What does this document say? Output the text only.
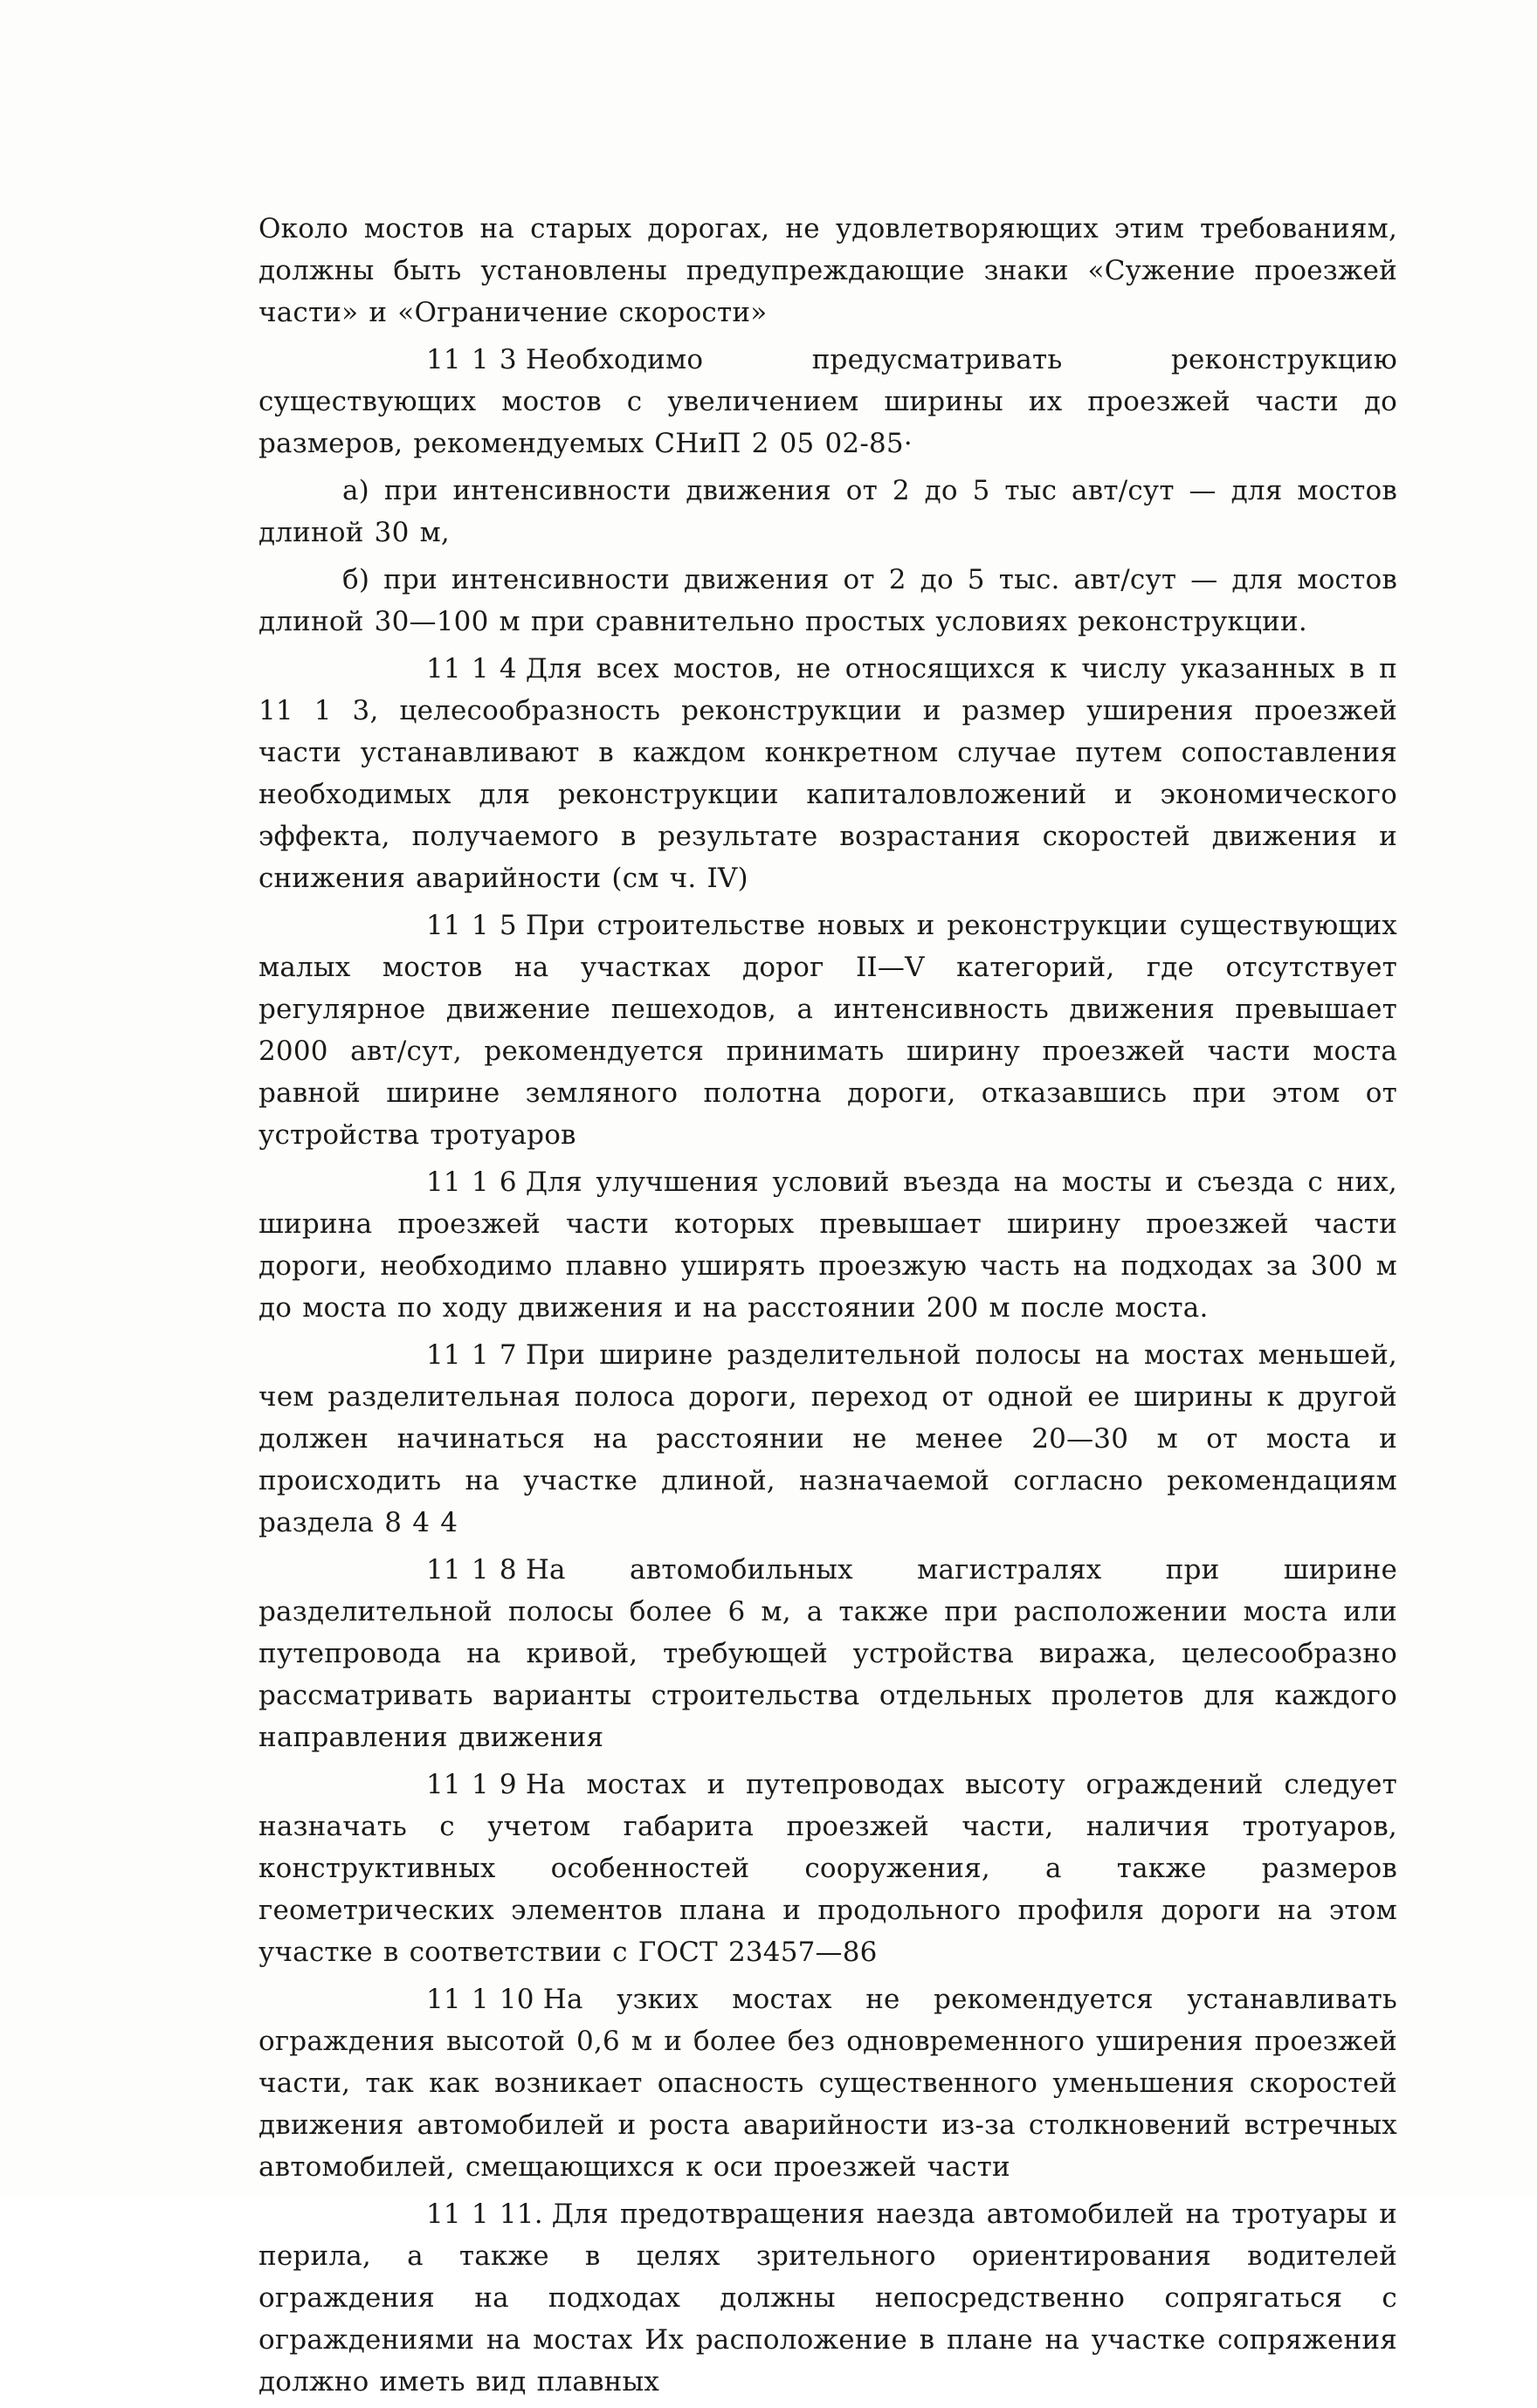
Около мостов на старых дорогах, не удовлетворяющих этим требованиям, должны быть установлены предупреждающие знаки «Сужение проезжей части» и «Ограничение скорости»

11 1 3 Необходимо предусматривать реконструкцию существующих мостов с увеличением ширины их проезжей части до размеров, рекомендуемых СНиП 2 05 02-85·

а) при интенсивности движения от 2 до 5 тыс авт/сут — для мостов длиной 30 м,

б) при интенсивности движения от 2 до 5 тыс. авт/сут — для мостов длиной 30—100 м при сравнительно простых условиях реконструкции.

11 1 4 Для всех мостов, не относящихся к числу указанных в п 11 1 3, целесообразность реконструкции и размер уширения проезжей части устанавливают в каждом конкретном случае путем сопоставления необходимых для реконструкции капиталовложений и экономического эффекта, получаемого в результате возрастания скоростей движения и снижения аварийности (см ч. IV)

11 1 5 При строительстве новых и реконструкции существующих малых мостов на участках дорог II—V категорий, где отсутствует регулярное движение пешеходов, а интенсивность движения превышает 2000 авт/сут, рекомендуется принимать ширину проезжей части моста равной ширине земляного полотна дороги, отказавшись при этом от устройства тротуаров

11 1 6 Для улучшения условий въезда на мосты и съезда с них, ширина проезжей части которых превышает ширину проезжей части дороги, необходимо плавно уширять проезжую часть на подходах за 300 м до моста по ходу движения и на расстоянии 200 м после моста.

11 1 7 При ширине разделительной полосы на мостах меньшей, чем разделительная полоса дороги, переход от одной ее ширины к другой должен начинаться на расстоянии не менее 20—30 м от моста и происходить на участке длиной, назначаемой согласно рекомендациям раздела 8 4 4

11 1 8 На автомобильных магистралях при ширине разделительной полосы более 6 м, а также при расположении моста или путепровода на кривой, требующей устройства виража, целесообразно рассматривать варианты строительства отдельных пролетов для каждого направления движения

11 1 9 На мостах и путепроводах высоту ограждений следует назначать с учетом габарита проезжей части, наличия тротуаров, конструктивных особенностей сооружения, а также размеров геометрических элементов плана и продольного профиля дороги на этом участке в соответствии с ГОСТ 23457—86

11 1 10 На узких мостах не рекомендуется устанавливать ограждения высотой 0,6 м и более без одновременного уширения проезжей части, так как возникает опасность существенного уменьшения скоростей движения автомобилей и роста аварийности из-за столкновений встречных автомобилей, смещающихся к оси проезжей части

11 1 11. Для предотвращения наезда автомобилей на тротуары и перила, а также в целях зрительного ориентирования водителей ограждения на подходах должны непосредственно сопрягаться с ограждениями на мостах Их расположение в плане на участке сопряжения должно иметь вид плавных
